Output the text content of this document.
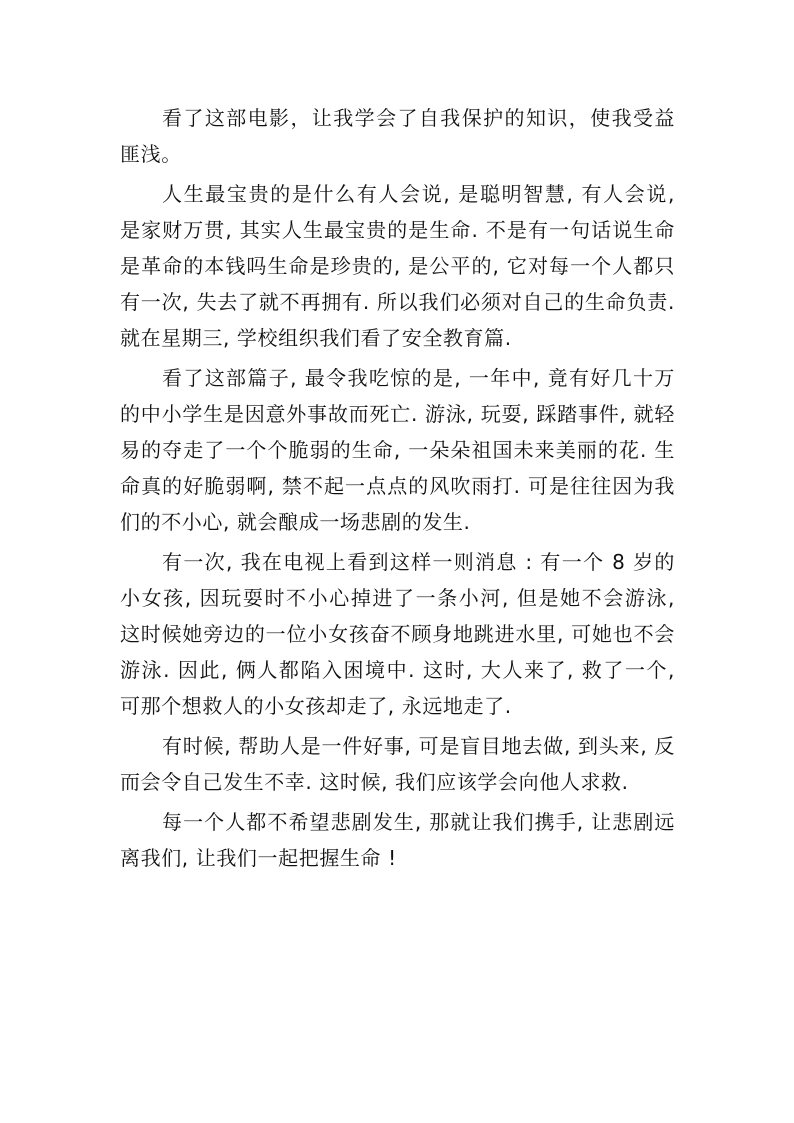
看了这部电影，让我学会了自我保护的知识，使我受益匪浅。

人生最宝贵的是什么有人会说, 是聪明智慧, 有人会说, 是家财万贯, 其实人生最宝贵的是生命. 不是有一句话说生命是革命的本钱吗生命是珍贵的, 是公平的, 它对每一个人都只有一次, 失去了就不再拥有. 所以我们必须对自己的生命负责. 就在星期三, 学校组织我们看了安全教育篇.

看了这部篇子, 最令我吃惊的是, 一年中, 竟有好几十万的中小学生是因意外事故而死亡. 游泳, 玩耍, 踩踏事件, 就轻易的夺走了一个个脆弱的生命, 一朵朵祖国未来美丽的花. 生命真的好脆弱啊, 禁不起一点点的风吹雨打. 可是往往因为我们的不小心, 就会酿成一场悲剧的发生.

有一次, 我在电视上看到这样一则消息 : 有一个 8 岁的小女孩, 因玩耍时不小心掉进了一条小河, 但是她不会游泳, 这时候她旁边的一位小女孩奋不顾身地跳进水里, 可她也不会游泳. 因此, 俩人都陷入困境中. 这时, 大人来了, 救了一个, 可那个想救人的小女孩却走了, 永远地走了.

有时候, 帮助人是一件好事, 可是盲目地去做, 到头来, 反而会令自己发生不幸. 这时候, 我们应该学会向他人求救.

每一个人都不希望悲剧发生, 那就让我们携手, 让悲剧远离我们, 让我们一起把握生命 !
